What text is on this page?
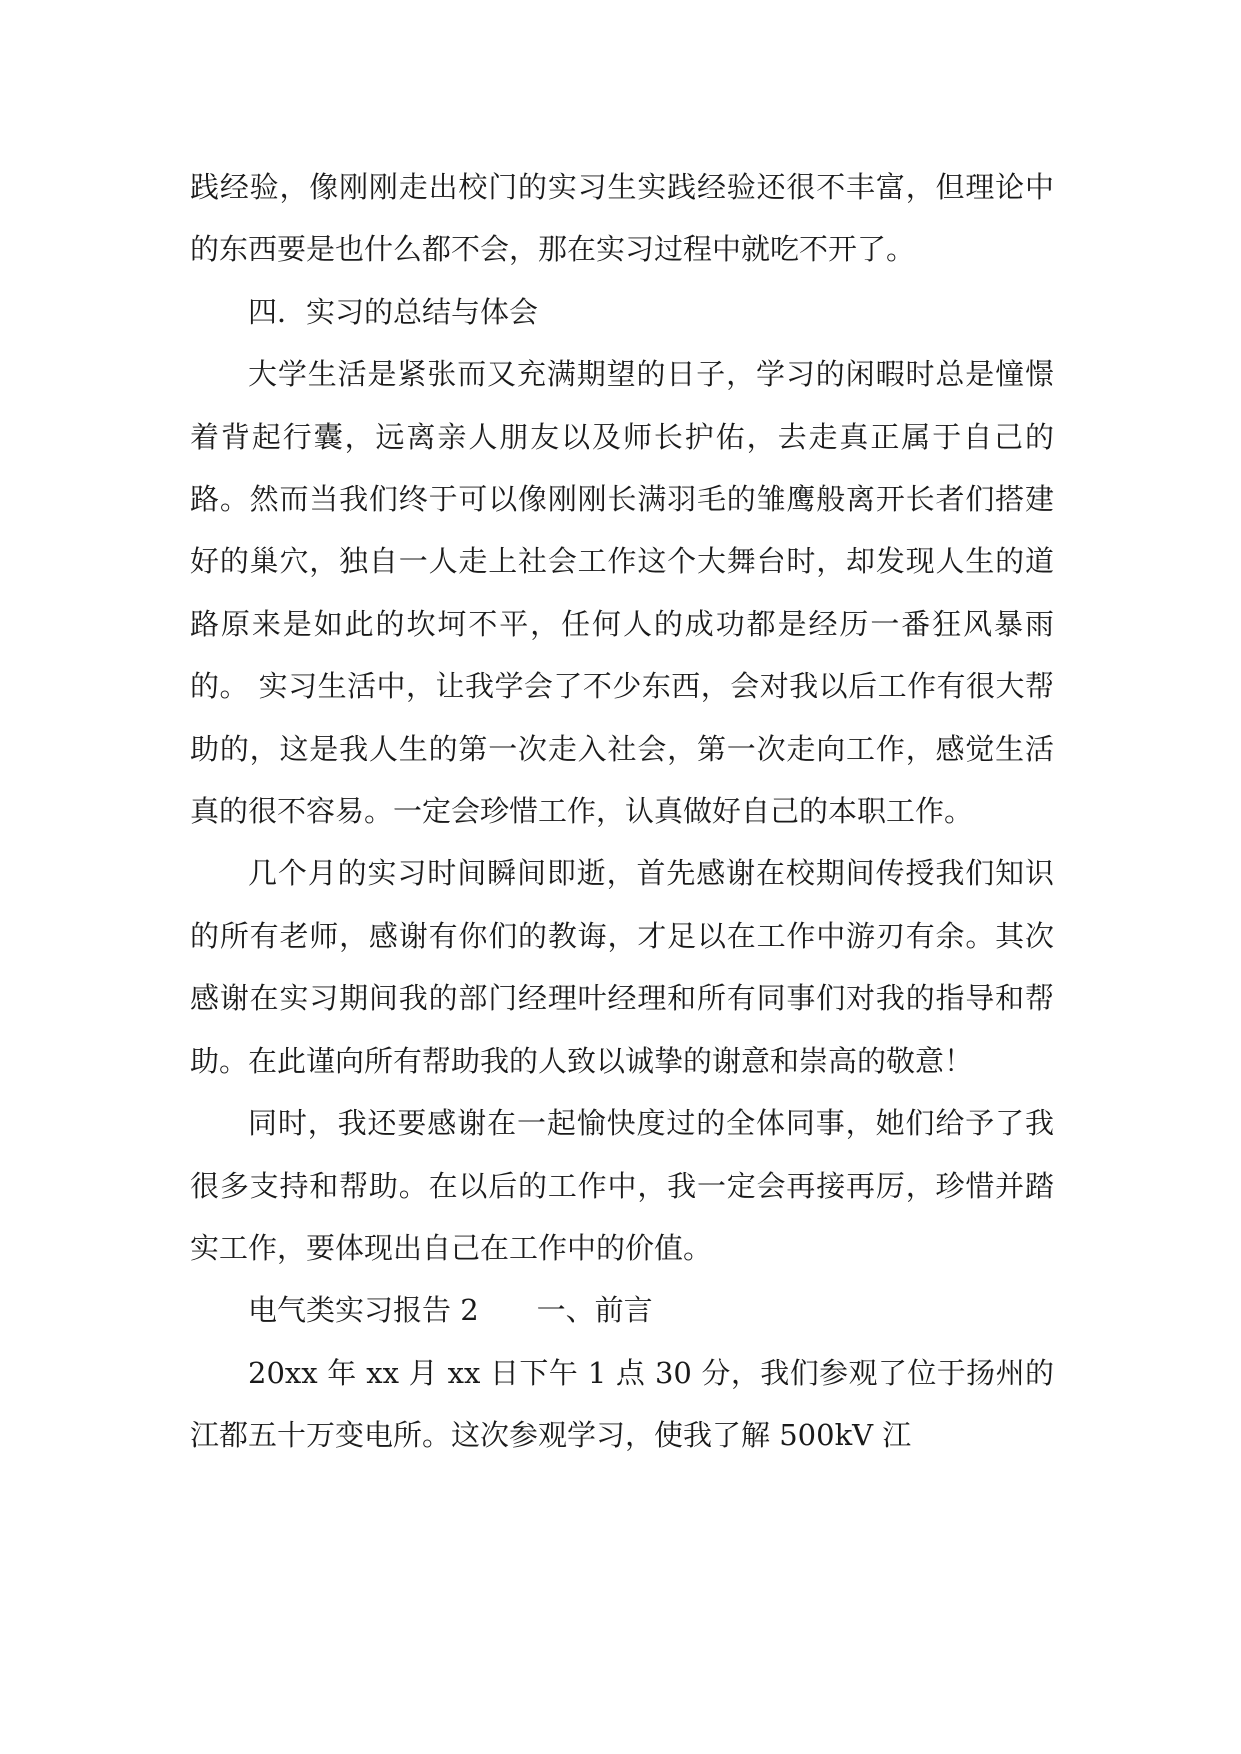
践经验，像刚刚走出校门的实习生实践经验还很不丰富，但理论中的东西要是也什么都不会，那在实习过程中就吃不开了。

四．实习的总结与体会

大学生活是紧张而又充满期望的日子，学习的闲暇时总是憧憬着背起行囊，远离亲人朋友以及师长护佑，去走真正属于自己的路。然而当我们终于可以像刚刚长满羽毛的雏鹰般离开长者们搭建好的巢穴，独自一人走上社会工作这个大舞台时，却发现人生的道路原来是如此的坎坷不平，任何人的成功都是经历一番狂风暴雨的。 实习生活中，让我学会了不少东西，会对我以后工作有很大帮助的，这是我人生的第一次走入社会，第一次走向工作，感觉生活真的很不容易。一定会珍惜工作，认真做好自己的本职工作。

几个月的实习时间瞬间即逝，首先感谢在校期间传授我们知识的所有老师，感谢有你们的教诲，才足以在工作中游刃有余。其次感谢在实习期间我的部门经理叶经理和所有同事们对我的指导和帮助。在此谨向所有帮助我的人致以诚挚的谢意和崇高的敬意！

同时，我还要感谢在一起愉快度过的全体同事，她们给予了我很多支持和帮助。在以后的工作中，我一定会再接再厉，珍惜并踏实工作，要体现出自己在工作中的价值。

电气类实习报告 2　　一、前言

20xx 年 xx 月 xx 日下午 1 点 30 分，我们参观了位于扬州的江都五十万变电所。这次参观学习，使我了解 500kV 江
